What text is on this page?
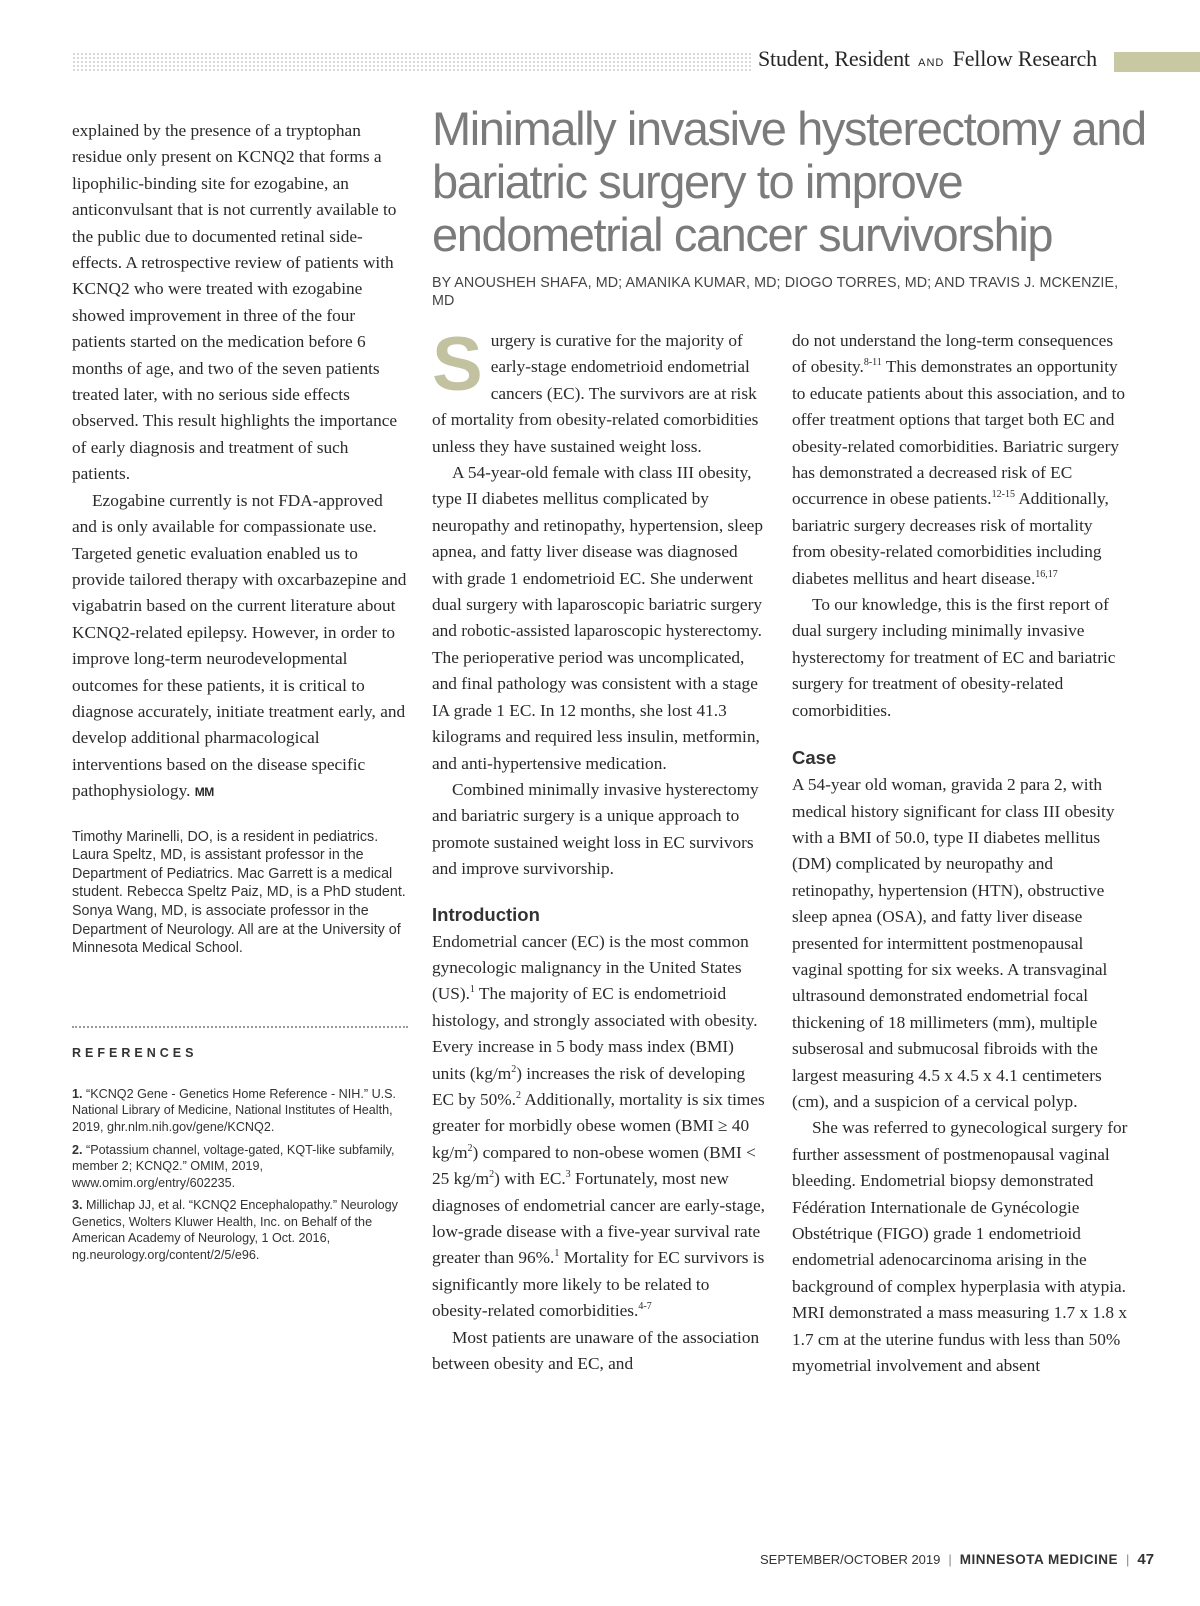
Student, Resident AND Fellow Research

explained by the presence of a tryptophan residue only present on KCNQ2 that forms a lipophilic-binding site for ezogabine, an anticonvulsant that is not currently available to the public due to documented retinal side-effects. A retrospective review of patients with KCNQ2 who were treated with ezogabine showed improvement in three of the four patients started on the medication before 6 months of age, and two of the seven patients treated later, with no serious side effects observed. This result highlights the importance of early diagnosis and treatment of such patients.

Ezogabine currently is not FDA-approved and is only available for compassionate use. Targeted genetic evaluation enabled us to provide tailored therapy with oxcarbazepine and vigabatrin based on the current literature about KCNQ2-related epilepsy. However, in order to improve long-term neurodevelopmental outcomes for these patients, it is critical to diagnose accurately, initiate treatment early, and develop additional pharmacological interventions based on the disease specific pathophysiology. MM

Timothy Marinelli, DO, is a resident in pediatrics. Laura Speltz, MD, is assistant professor in the Department of Pediatrics. Mac Garrett is a medical student. Rebecca Speltz Paiz, MD, is a PhD student. Sonya Wang, MD, is associate professor in the Department of Neurology. All are at the University of Minnesota Medical School.
REFERENCES
1. “KCNQ2 Gene - Genetics Home Reference - NIH.” U.S. National Library of Medicine, National Institutes of Health, 2019, ghr.nlm.nih.gov/gene/KCNQ2.
2. “Potassium channel, voltage-gated, KQT-like subfamily, member 2; KCNQ2.” OMIM, 2019, www.omim.org/entry/602235.
3. Millichap JJ, et al. “KCNQ2 Encephalopathy.” Neurology Genetics, Wolters Kluwer Health, Inc. on Behalf of the American Academy of Neurology, 1 Oct. 2016, ng.neurology.org/content/2/5/e96.
Minimally invasive hysterectomy and bariatric surgery to improve endometrial cancer survivorship
BY ANOUSHEH SHAFA, MD; AMANIKA KUMAR, MD; DIOGO TORRES, MD; AND TRAVIS J. MCKENZIE, MD

Surgery is curative for the majority of early-stage endometrioid endometrial cancers (EC). The survivors are at risk of mortality from obesity-related comorbidities unless they have sustained weight loss.

A 54-year-old female with class III obesity, type II diabetes mellitus complicated by neuropathy and retinopathy, hypertension, sleep apnea, and fatty liver disease was diagnosed with grade 1 endometrioid EC. She underwent dual surgery with laparoscopic bariatric surgery and robotic-assisted laparoscopic hysterectomy. The perioperative period was uncomplicated, and final pathology was consistent with a stage IA grade 1 EC. In 12 months, she lost 41.3 kilograms and required less insulin, metformin, and anti-hypertensive medication.

Combined minimally invasive hysterectomy and bariatric surgery is a unique approach to promote sustained weight loss in EC survivors and improve survivorship.

Introduction

Endometrial cancer (EC) is the most common gynecologic malignancy in the United States (US).$^1$ The majority of EC is endometrioid histology, and strongly associated with obesity. Every increase in 5 body mass index (BMI) units $(kg/m^2)$ increases the risk of developing EC by 50%.$^2$ Additionally, mortality is six times greater for morbidly obese women (BMI ≥ 40 $kg/m^2$) compared to non-obese women (BMI < 25 $kg/m^2$) with EC.$^3$ Fortunately, most new diagnoses of endometrial cancer are early-stage, low-grade disease with a five-year survival rate greater than 96%.$^1$ Mortality for EC survivors is significantly more likely to be related to obesity-related comorbidities.$^{4-7}$

Most patients are unaware of the association between obesity and EC, and

do not understand the long-term consequences of obesity.$^{8-11}$ This demonstrates an opportunity to educate patients about this association, and to offer treatment options that target both EC and obesity-related comorbidities. Bariatric surgery has demonstrated a decreased risk of EC occurrence in obese patients.$^{12-15}$ Additionally, bariatric surgery decreases risk of mortality from obesity-related comorbidities including diabetes mellitus and heart disease.$^{16,17}$

To our knowledge, this is the first report of dual surgery including minimally invasive hysterectomy for treatment of EC and bariatric surgery for treatment of obesity-related comorbidities.

Case

A 54-year old woman, gravida 2 para 2, with medical history significant for class III obesity with a BMI of 50.0, type II diabetes mellitus (DM) complicated by neuropathy and retinopathy, hypertension (HTN), obstructive sleep apnea (OSA), and fatty liver disease presented for intermittent postmenopausal vaginal spotting for six weeks. A transvaginal ultrasound demonstrated endometrial focal thickening of 18 millimeters (mm), multiple subserosal and submucosal fibroids with the largest measuring 4.5 x 4.5 x 4.1 centimeters (cm), and a suspicion of a cervical polyp.

She was referred to gynecological surgery for further assessment of postmenopausal vaginal bleeding. Endometrial biopsy demonstrated Fédération Internationale de Gynécologie Obstétrique (FIGO) grade 1 endometrioid endometrial adenocarcinoma arising in the background of complex hyperplasia with atypia. MRI demonstrated a mass measuring 1.7 x 1.8 x 1.7 cm at the uterine fundus with less than 50% myometrial involvement and absent

SEPTEMBER/OCTOBER 2019 | MINNESOTA MEDICINE | 47
